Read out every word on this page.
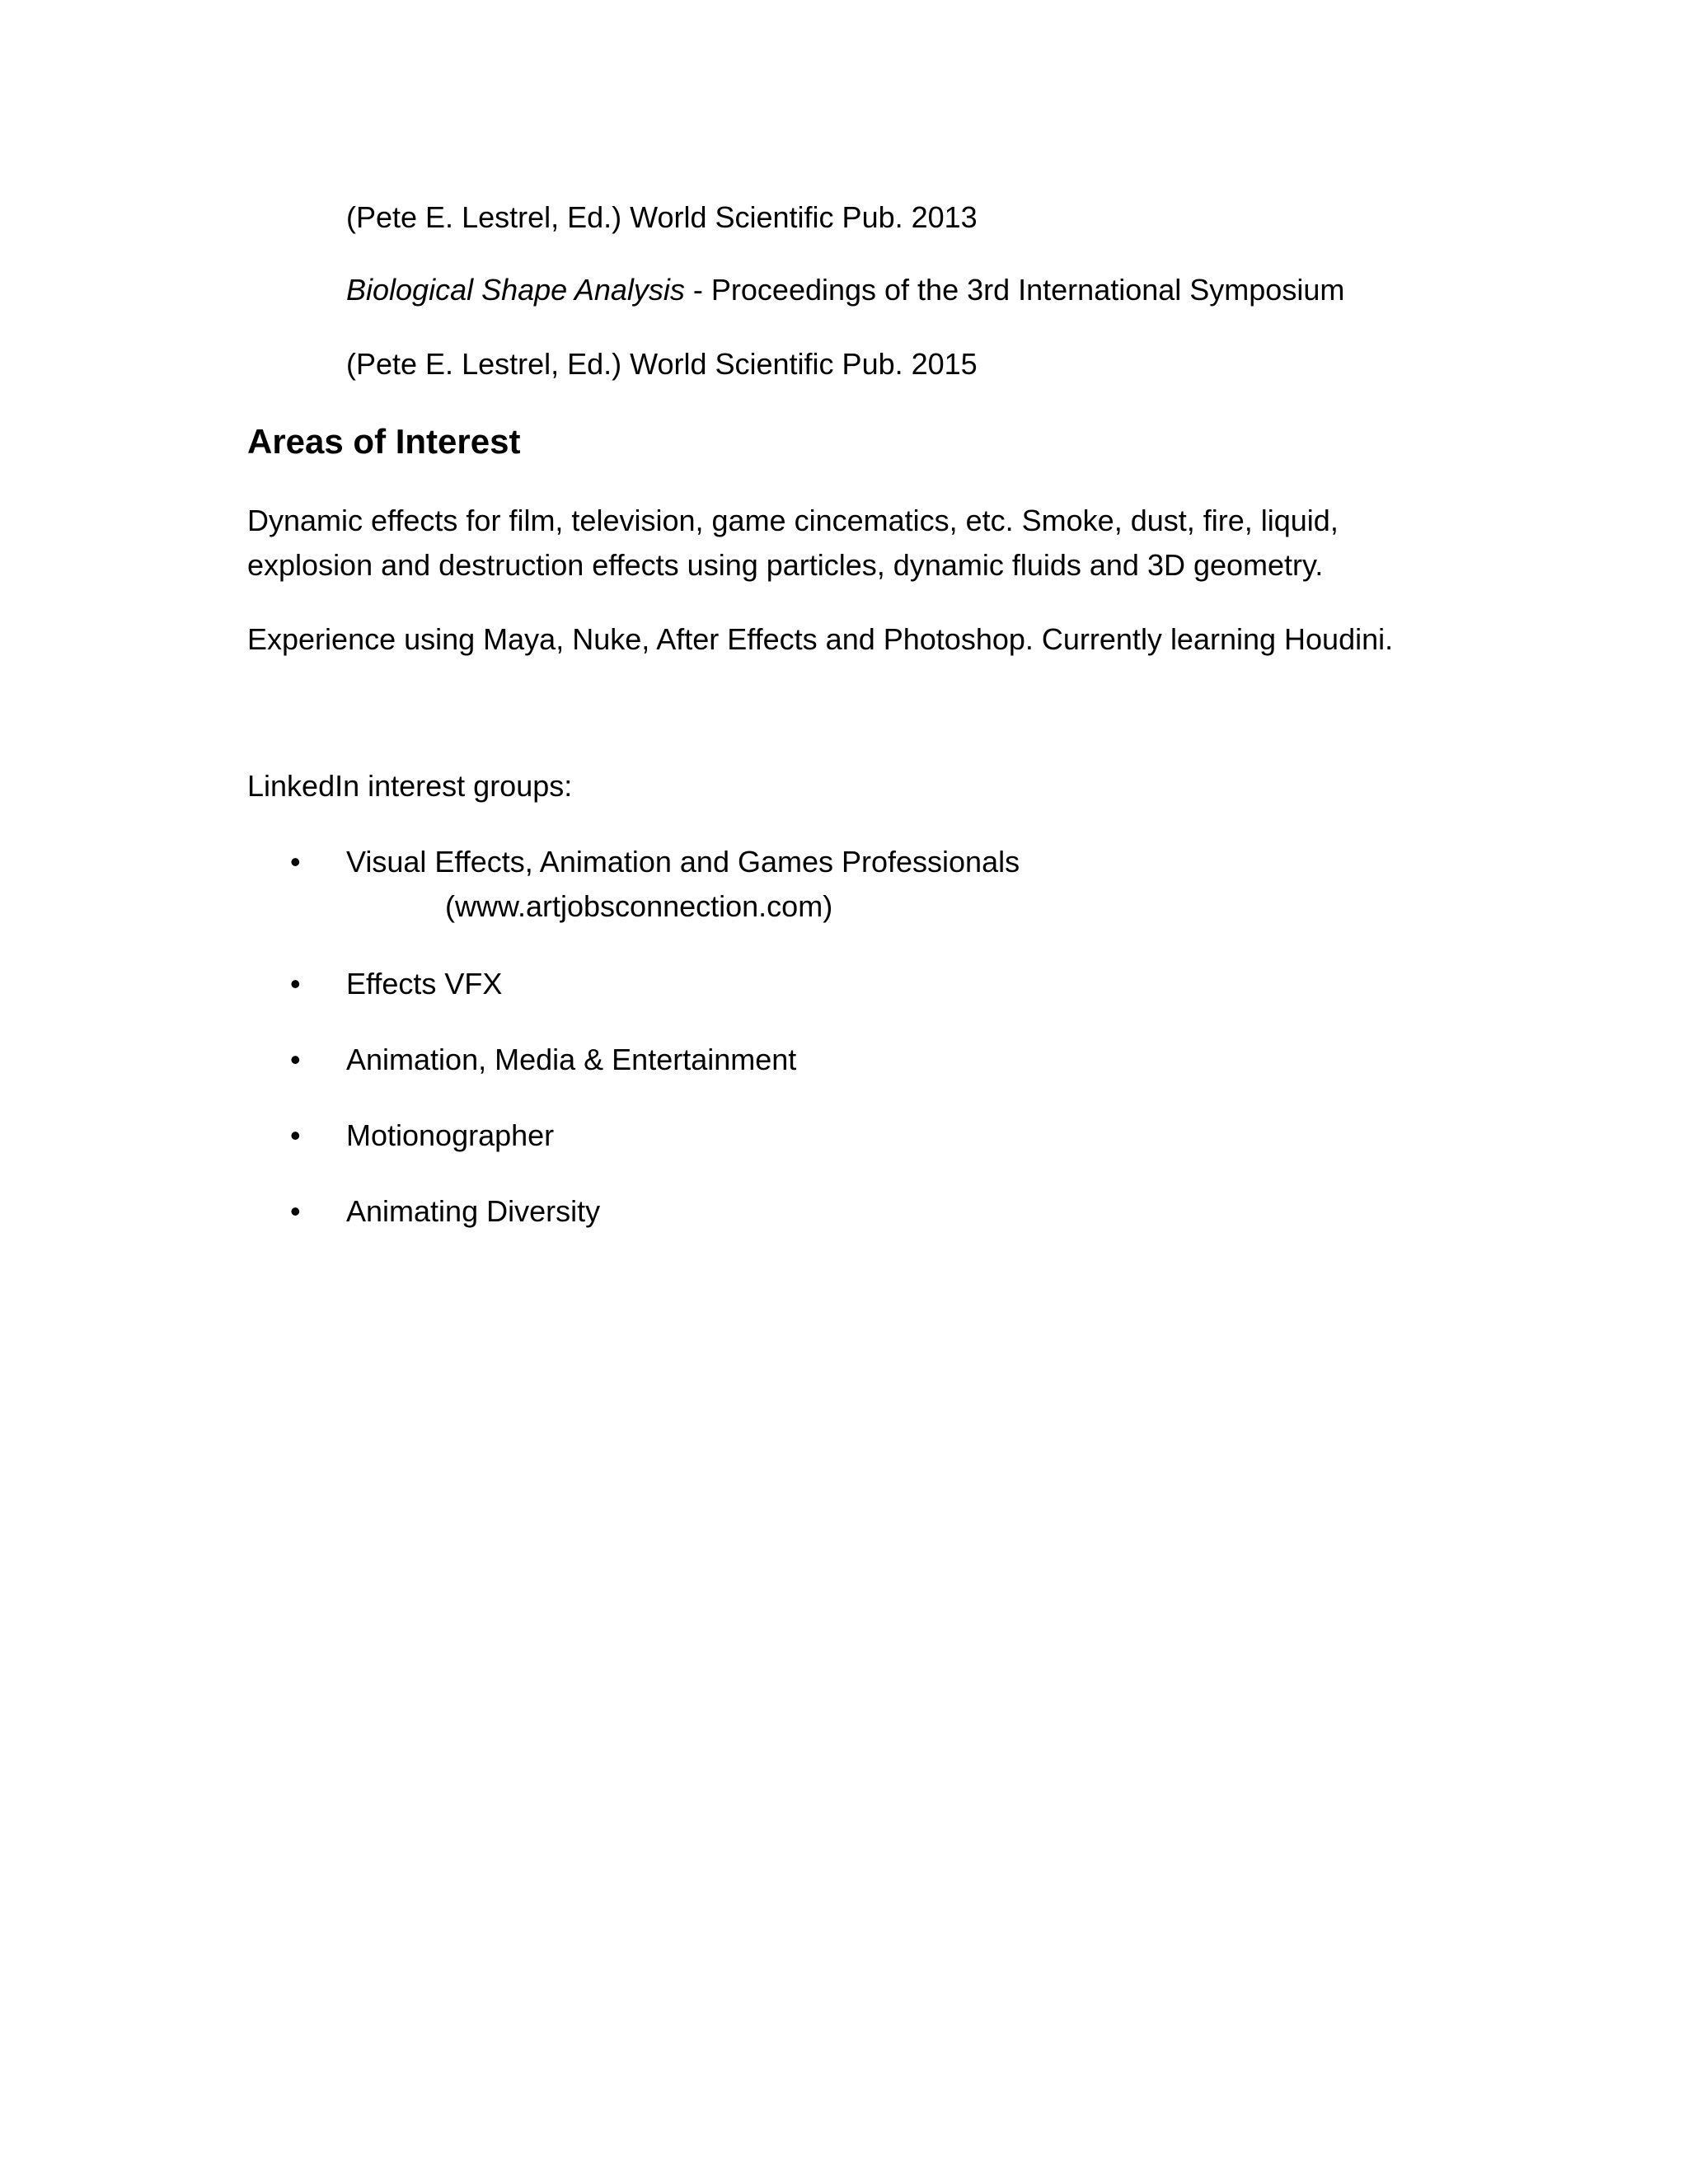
(Pete E. Lestrel, Ed.) World Scientific Pub. 2013
Biological Shape Analysis - Proceedings of the 3rd International Symposium
(Pete E. Lestrel, Ed.) World Scientific Pub. 2015
Areas of Interest
Dynamic effects for film, television, game cincematics, etc. Smoke, dust, fire, liquid,
explosion and destruction effects using particles, dynamic fluids and 3D geometry.
Experience using Maya, Nuke, After Effects and Photoshop. Currently learning Houdini.
LinkedIn interest groups:
• Visual Effects, Animation and Games Professionals
(www.artjobsconnection.com)
• Effects VFX
• Animation, Media & Entertainment
• Motionographer
• Animating Diversity
